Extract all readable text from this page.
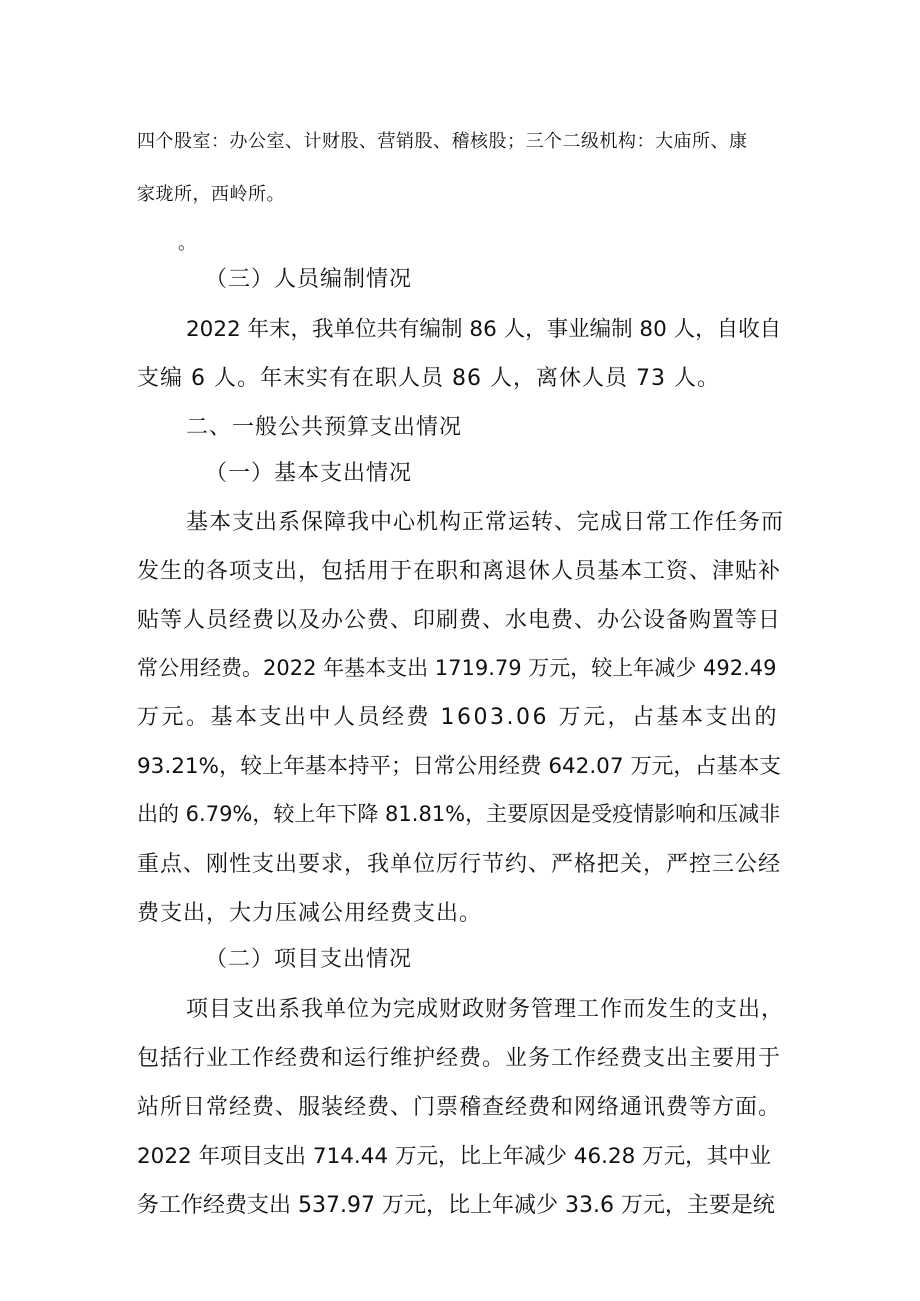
四个股室：办公室、计财股、营销股、稽核股；三个二级机构：大庙所、康
家珑所，西岭所。
。
（三）人员编制情况
2022 年末，我单位共有编制 86 人，事业编制 80 人，自收自
支编 6 人。年末实有在职人员 86 人，离休人员 73 人。
二、一般公共预算支出情况
（一）基本支出情况
基本支出系保障我中心机构正常运转、完成日常工作任务而
发生的各项支出，包括用于在职和离退休人员基本工资、津贴补
贴等人员经费以及办公费、印刷费、水电费、办公设备购置等日
常公用经费。2022 年基本支出 1719.79 万元，较上年减少 492.49
万元。基本支出中人员经费 1603.06 万元，占基本支出的
93.21%，较上年基本持平；日常公用经费 642.07 万元，占基本支
出的 6.79%，较上年下降 81.81%，主要原因是受疫情影响和压减非
重点、刚性支出要求，我单位厉行节约、严格把关，严控三公经
费支出，大力压减公用经费支出。
（二）项目支出情况
项目支出系我单位为完成财政财务管理工作而发生的支出，
包括行业工作经费和运行维护经费。业务工作经费支出主要用于
站所日常经费、服装经费、门票稽查经费和网络通讯费等方面。
2022 年项目支出 714.44 万元，比上年减少 46.28 万元，其中业
务工作经费支出 537.97 万元，比上年减少 33.6 万元，主要是统
